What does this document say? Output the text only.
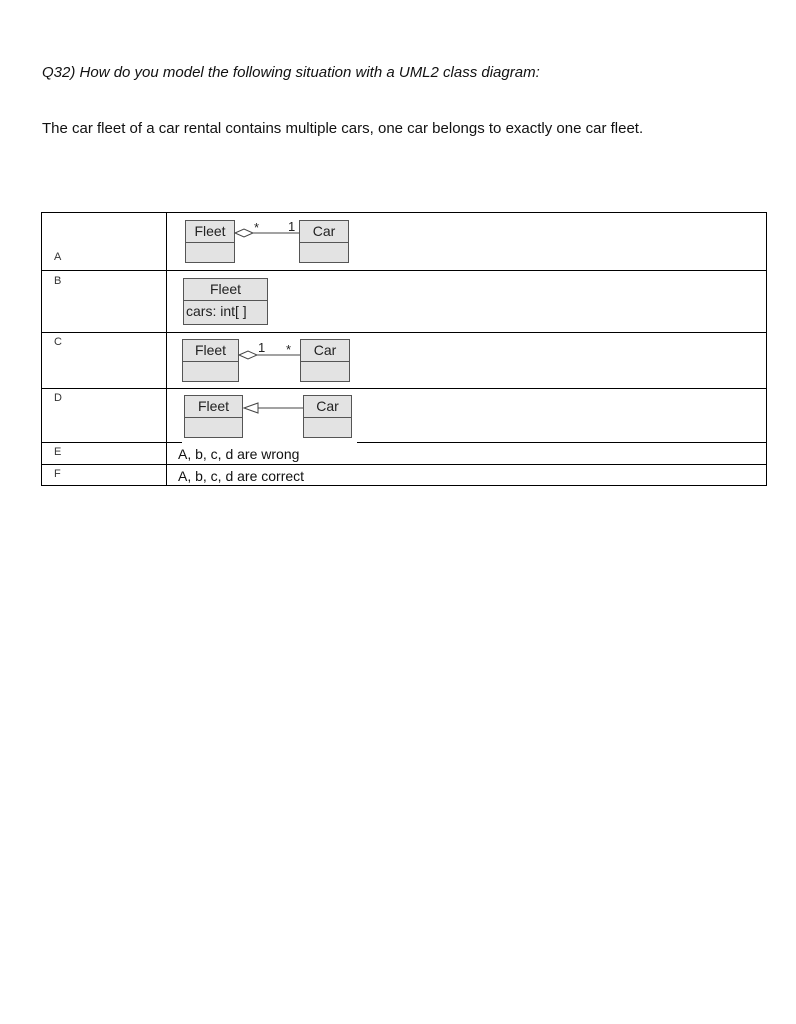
Q32) How do you model the following situation with a UML2 class diagram:
The car fleet of a car rental contains multiple cars, one car belongs to exactly one car fleet.
A
Fleet	* 1	Car
B	Fleet
cars: int[ ]
C	Fleet	1 *	Car
D	Fleet	Car
E	A, b, c, d are wrong
F	A, b, c, d are correct
